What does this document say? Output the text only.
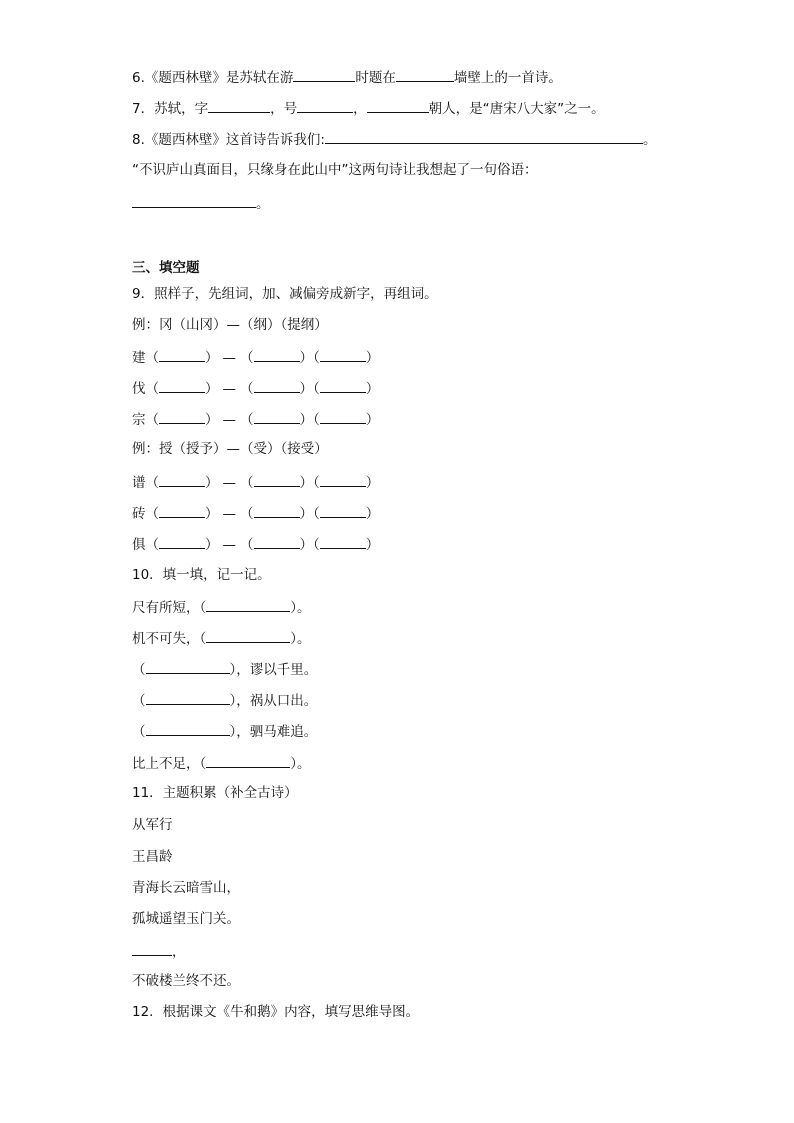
6.《题西林壁》是苏轼在游	时题在	墙壁上的一首诗。
7．苏轼，字	，号	，	朝人，是“唐宋八大家”之一。
8.《题西林壁》这首诗告诉我们:	。
“不识庐山真面目，只缘身在此山中”这两句诗让我想起了一句俗语：
。
三、填空题
9．照样子，先组词，加、减偏旁成新字，再组词。
例：冈（山冈）—（纲）（提纲）
建（	） — （	）（	）
伐（	） — （	）（	）
宗（	） — （	）（	）
例：授（授予）—（受）（接受）
谱（	） — （	）（	）
砖（	） — （	）（	）
俱（	） — （	）（	）
10．填一填，记一记。
尺有所短，（	）。
机不可失，（	）。
（	），谬以千里。
（	），祸从口出。
（	），驷马难追。
比上不足，（	）。
11．主题积累（补全古诗）
从军行
王昌龄
青海长云暗雪山，
孤城遥望玉门关。
，
不破楼兰终不还。
12．根据课文《牛和鹅》内容，填写思维导图。
